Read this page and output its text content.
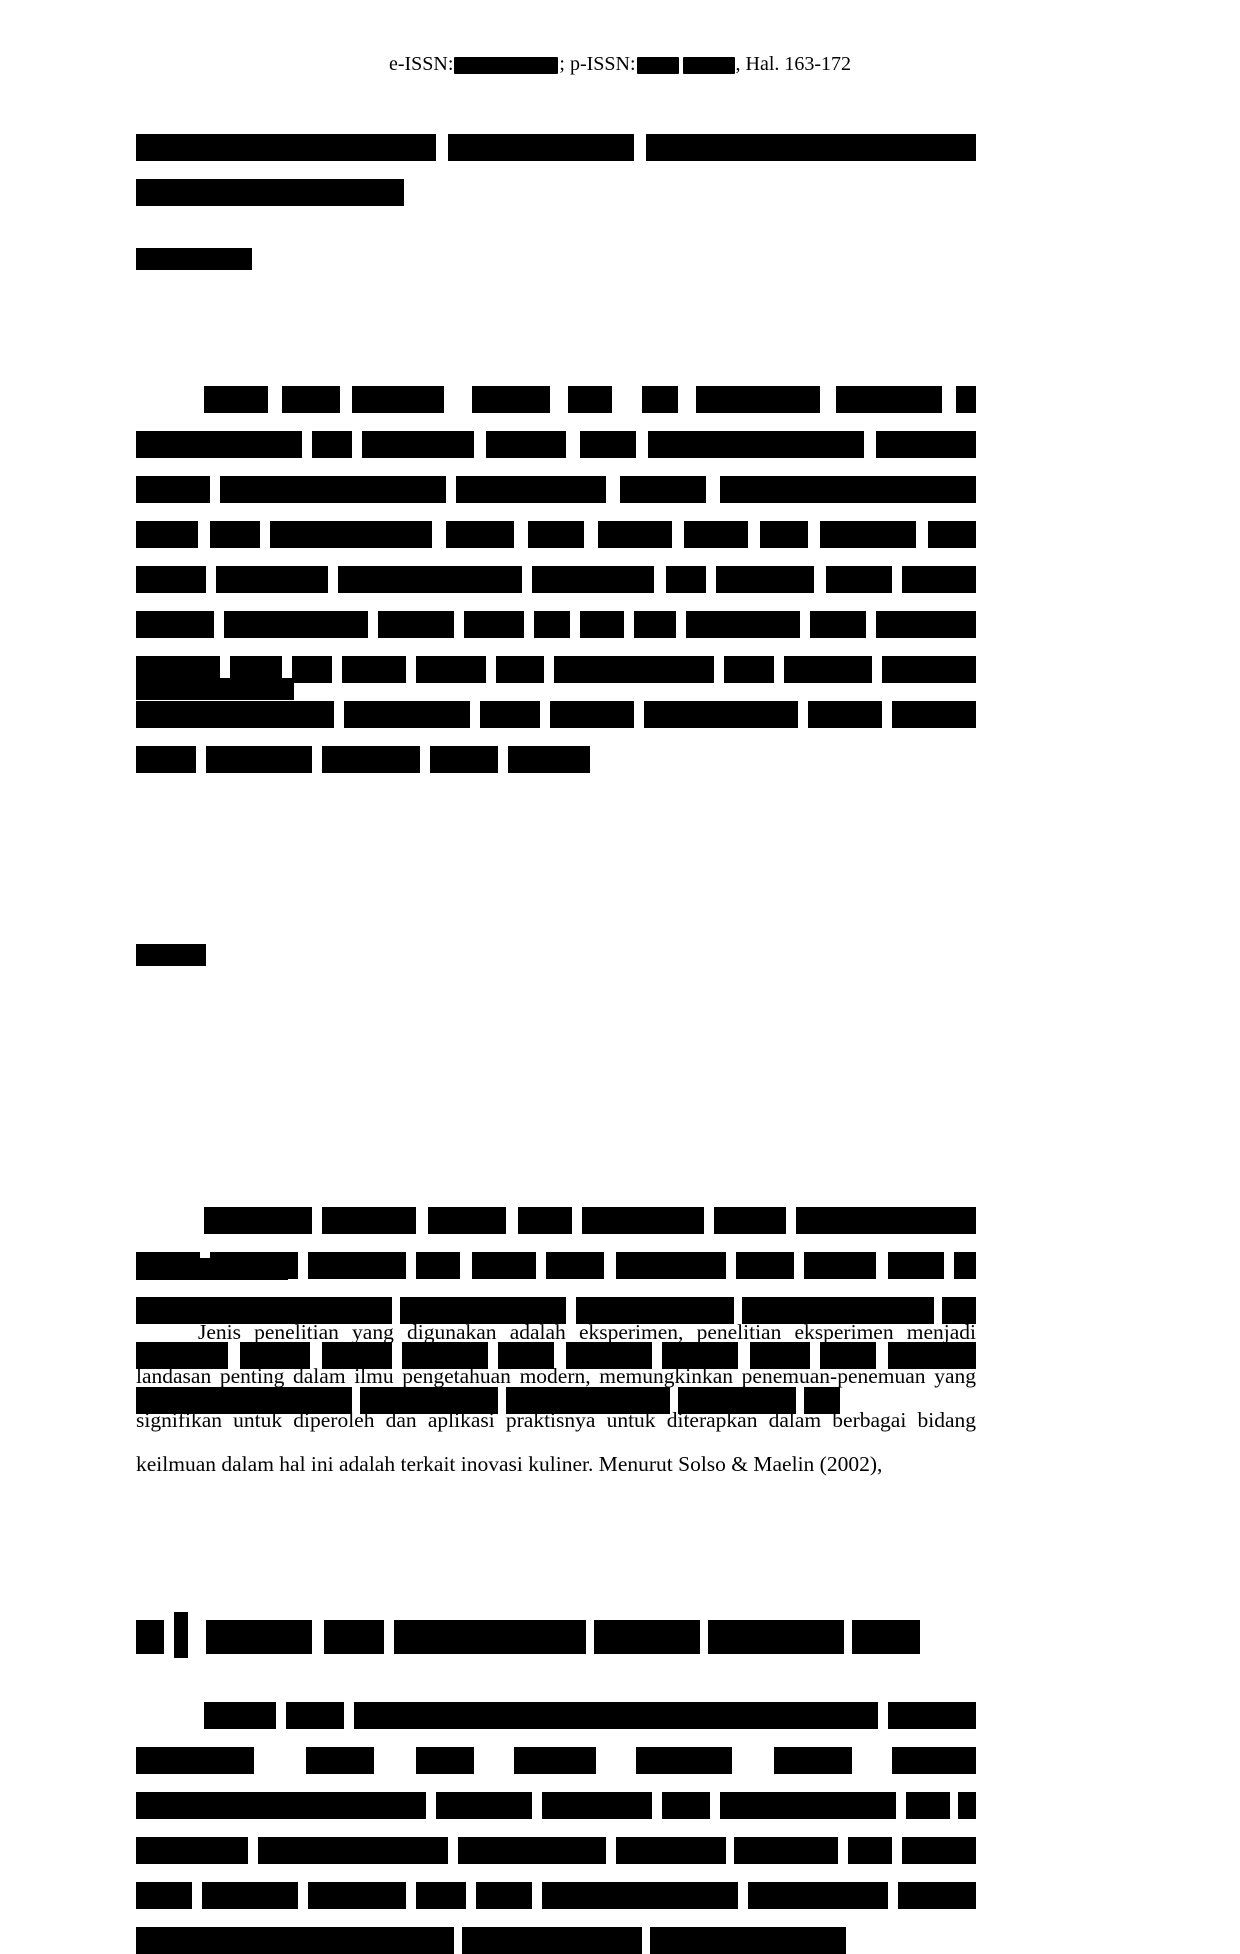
e-ISSN:	; p-ISSN:	, Hal. 163-172

Jenis penelitian yang digunakan adalah eksperimen, penelitian eksperimen menjadi landasan penting dalam ilmu pengetahuan modern, memungkinkan penemuan-penemuan yang signifikan untuk diperoleh dan aplikasi praktisnya untuk diterapkan dalam berbagai bidang keilmuan dalam hal ini adalah terkait inovasi kuliner. Menurut Solso & Maelin (2002),
